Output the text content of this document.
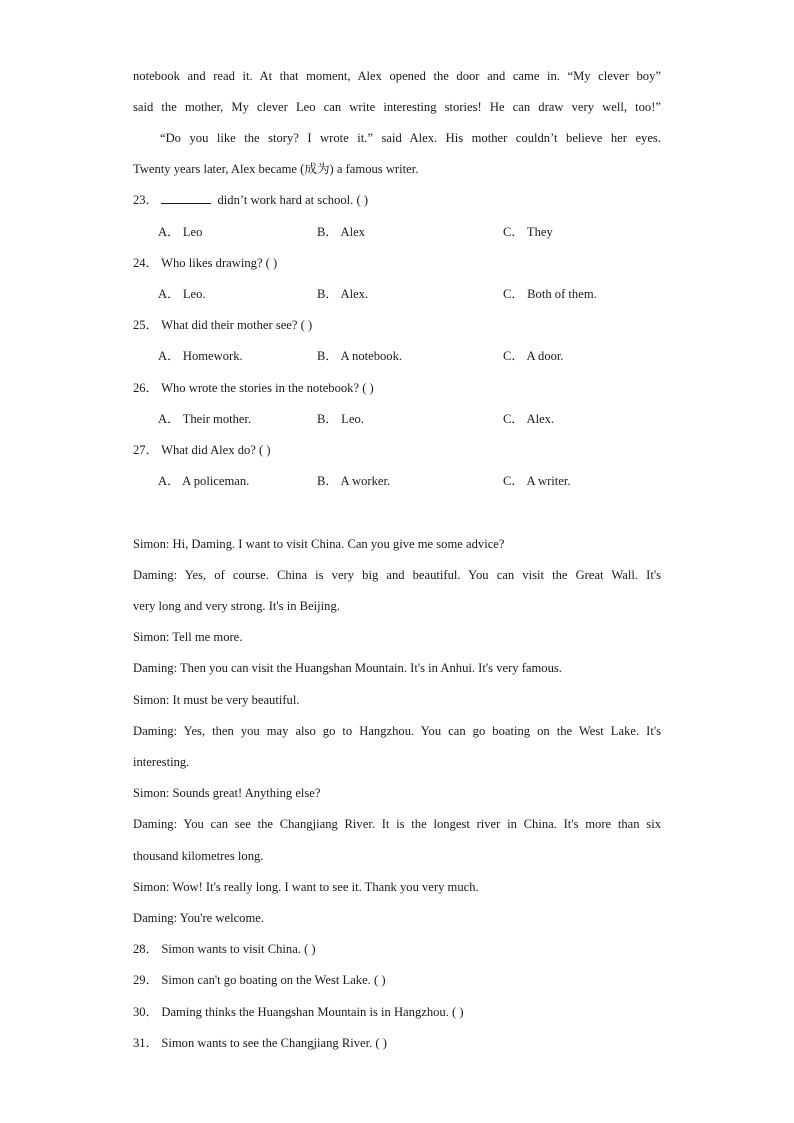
notebook and read it. At that moment, Alex opened the door and came in. “My clever boy”
said the mother, My clever Leo can write interesting stories! He can draw very well, too!”
“Do you like the story? I wrote it.” said Alex. His mother couldn’t believe her eyes.
Twenty years later, Alex became (成为) a famous writer.
23．	didn’t work hard at school. ( )
A． Leo	B． Alex	C． They
24． Who likes drawing? ( )
A． Leo.	B． Alex.	C． Both of them.
25． What did their mother see? ( )
A． Homework.	B． A notebook.	C． A door.
26． Who wrote the stories in the notebook? ( )
A． Their mother.	B． Leo.	C． Alex.
27． What did Alex do? ( )
A． A policeman.	B． A worker.	C． A writer.
Simon: Hi, Daming. I want to visit China. Can you give me some advice?
Daming: Yes, of course. China is very big and beautiful. You can visit the Great Wall. It's
very long and very strong. It's in Beijing.
Simon: Tell me more.
Daming: Then you can visit the Huangshan Mountain. It's in Anhui. It's very famous.
Simon: It must be very beautiful.
Daming: Yes, then you may also go to Hangzhou. You can go boating on the West Lake. It's
interesting.
Simon: Sounds great! Anything else?
Daming: You can see the Changjiang River. It is the longest river in China. It's more than six
thousand kilometres long.
Simon: Wow! It's really long. I want to see it. Thank you very much.
Daming: You're welcome.
28． Simon wants to visit China. ( )
29． Simon can't go boating on the West Lake. ( )
30． Daming thinks the Huangshan Mountain is in Hangzhou. ( )
31． Simon wants to see the Changjiang River. ( )
